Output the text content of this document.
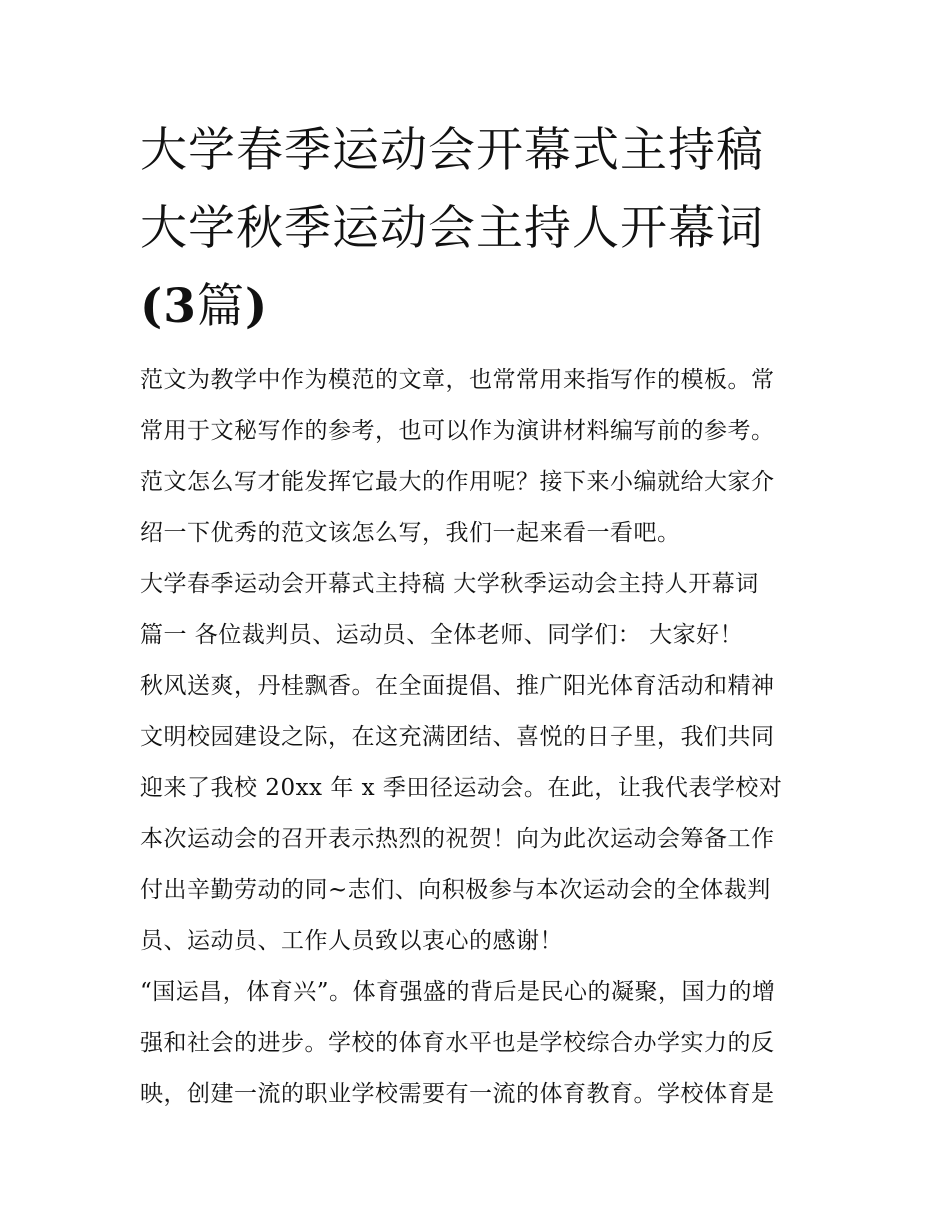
大学春季运动会开幕式主持稿
大学秋季运动会主持人开幕词
(3篇)
范文为教学中作为模范的文章，也常常用来指写作的模板。常
常用于文秘写作的参考，也可以作为演讲材料编写前的参考。
范文怎么写才能发挥它最大的作用呢？接下来小编就给大家介
绍一下优秀的范文该怎么写，我们一起来看一看吧。
大学春季运动会开幕式主持稿 大学秋季运动会主持人开幕词
篇一 各位裁判员、运动员、全体老师、同学们： 大家好！
秋风送爽，丹桂飘香。在全面提倡、推广阳光体育活动和精神
文明校园建设之际，在这充满团结、喜悦的日子里，我们共同
迎来了我校 20xx 年 x 季田径运动会。在此，让我代表学校对
本次运动会的召开表示热烈的祝贺！向为此次运动会筹备工作
付出辛勤劳动的同~志们、向积极参与本次运动会的全体裁判
员、运动员、工作人员致以衷心的感谢！
“国运昌，体育兴”。体育强盛的背后是民心的凝聚，国力的增
强和社会的进步。学校的体育水平也是学校综合办学实力的反
映，创建一流的职业学校需要有一流的体育教育。学校体育是
